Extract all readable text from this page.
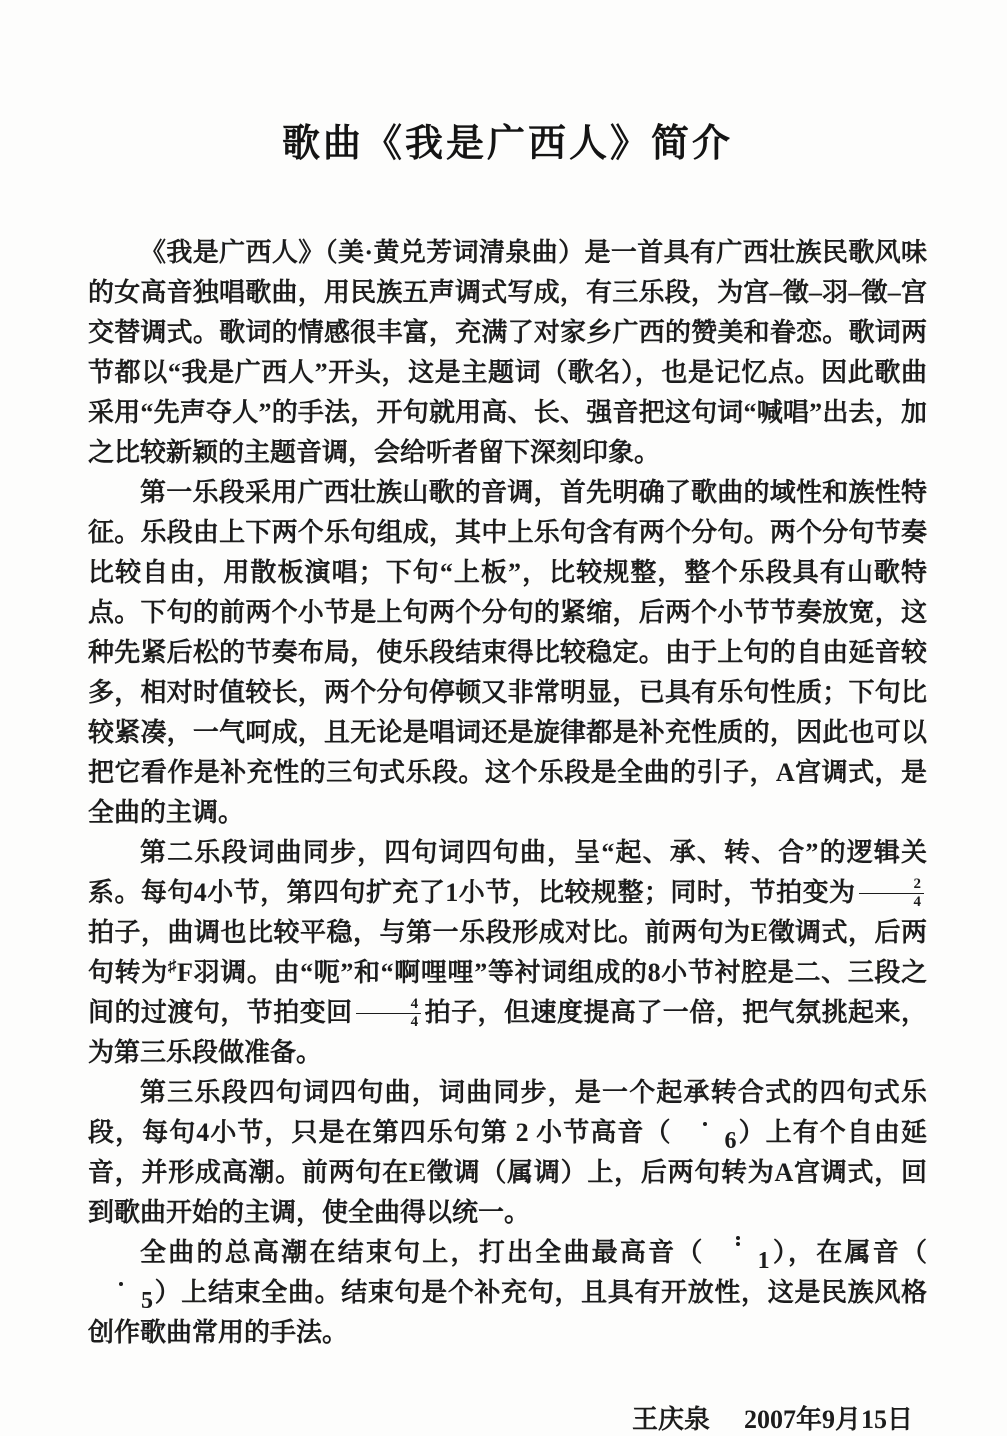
歌曲《我是广西人》简介

《我是广西人》（美·黄兑芳词清泉曲）是一首具有广西壮族民歌风味的女高音独唱歌曲，用民族五声调式写成，有三乐段，为宫–徵–羽–徵–宫交替调式。歌词的情感很丰富，充满了对家乡广西的赞美和眷恋。歌词两节都以“我是广西人”开头，这是主题词（歌名），也是记忆点。因此歌曲采用“先声夺人”的手法，开句就用高、长、强音把这句词“喊唱”出去，加之比较新颖的主题音调，会给听者留下深刻印象。

第一乐段采用广西壮族山歌的音调，首先明确了歌曲的域性和族性特征。乐段由上下两个乐句组成，其中上乐句含有两个分句。两个分句节奏比较自由，用散板演唱；下句“上板”，比较规整，整个乐段具有山歌特点。下句的前两个小节是上句两个分句的紧缩，后两个小节节奏放宽，这种先紧后松的节奏布局，使乐段结束得比较稳定。由于上句的自由延音较多，相对时值较长，两个分句停顿又非常明显，已具有乐句性质；下句比较紧凑，一气呵成，且无论是唱词还是旋律都是补充性质的，因此也可以把它看作是补充性的三句式乐段。这个乐段是全曲的引子，A宫调式，是全曲的主调。

第二乐段词曲同步，四句词四句曲，呈“起、承、转、合”的逻辑关系。每句4小节，第四句扩充了1小节，比较规整；同时，节拍变为 $\frac{2}{4}$
拍子，曲调也比较平稳，与第一乐段形成对比。前两句为E徵调式，后两句转为♯F羽调。由“呃”和“啊哩哩”等衬词组成的8小节衬腔是二、三段之间的过渡句，节拍变回 $\frac{4}{4}$ 拍子，但速度提高了一倍，把气氛挑起来，为第三乐段做准备。

第三乐段四句词四句曲，词曲同步，是一个起承转合式的四句式乐段，每句4小节，只是在第四乐句第 2 小节高音（	6 ）上有个自由延音，并形成高潮。前两句在E徵调（属调）上，后两句转为A宫调式，回到歌曲开始的主调，使全曲得以统一。

全曲的总高潮在结束句上，打出全曲最高音（	1 ），在属音（
5 ）上结束全曲。结束句是个补充句，且具有开放性，这是民族风格创作歌曲常用的手法。

王庆泉 2007年9月15日
